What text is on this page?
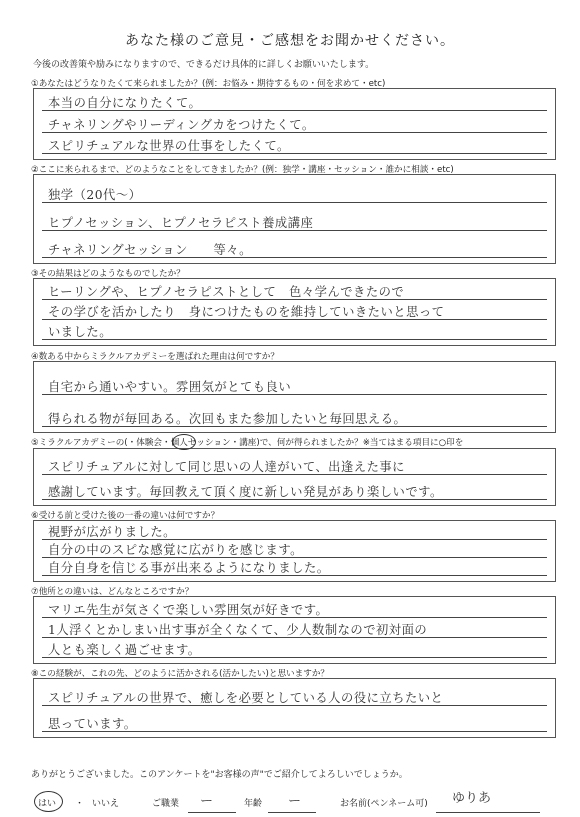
あなた様のご意見・ご感想をお聞かせください。
今後の改善策や励みになりますので、できるだけ具体的に詳しくお願いいたします。
①あなたはどうなりたくて来られましたか？(例：お悩み・期待するもの・何を求めて・etc)
本当の自分になりたくて。
チャネリングやリーディングカをつけたくて。
スピリチュアルな世界の仕事をしたくて。
②ここに来られるまで、どのようなことをしてきましたか？(例：独学・講座・セッション・誰かに相談・etc)
独学（20代〜）
ヒプノセッション、ヒプノセラピスト養成講座
チャネリングセッション　　等々。
③その結果はどのようなものでしたか？
ヒーリングや、ヒプノセラピストとして　色々学んできたので
その学びを活かしたり　身につけたものを維持していきたいと思って
いました。
④数ある中からミラクルアカデミーを選ばれた理由は何ですか？
自宅から通いやすい。雰囲気がとても良い
得られる物が毎回ある。次回もまた参加したいと毎回思える。
⑤ミラクルアカデミーの(・体験会・個人セッション・講座)で、何が得られましたか？※当てはまる項目に○印を
スピリチュアルに対して同じ思いの人達がいて、出逢えた事に
感謝しています。毎回教えて頂く度に新しい発見があり楽しいです。
⑥受ける前と受けた後の一番の違いは何ですか？
視野が広がりました。
自分の中のスピな感覚に広がりを感じます。
自分自身を信じる事が出来るようになりました。
⑦他所との違いは、どんなところですか？
マリエ先生が気さくで楽しい雰囲気が好きです。
1人浮くとかしまい出す事が全くなくて、少人数制なので初対面の
人とも楽しく過ごせます。
⑧この経験が、これの先、どのように活かされる(活かしたい)と思いますか？
スピリチュアルの世界で、癒しを必要としている人の役に立ちたいと
思っています。
ありがとうございました。このアンケートを"お客様の声"でご紹介してよろしいでしょうか。
はい ・ いいえ	ご職業 ー	年齢 ー	お名前(ペンネーム可) ゆりあ
